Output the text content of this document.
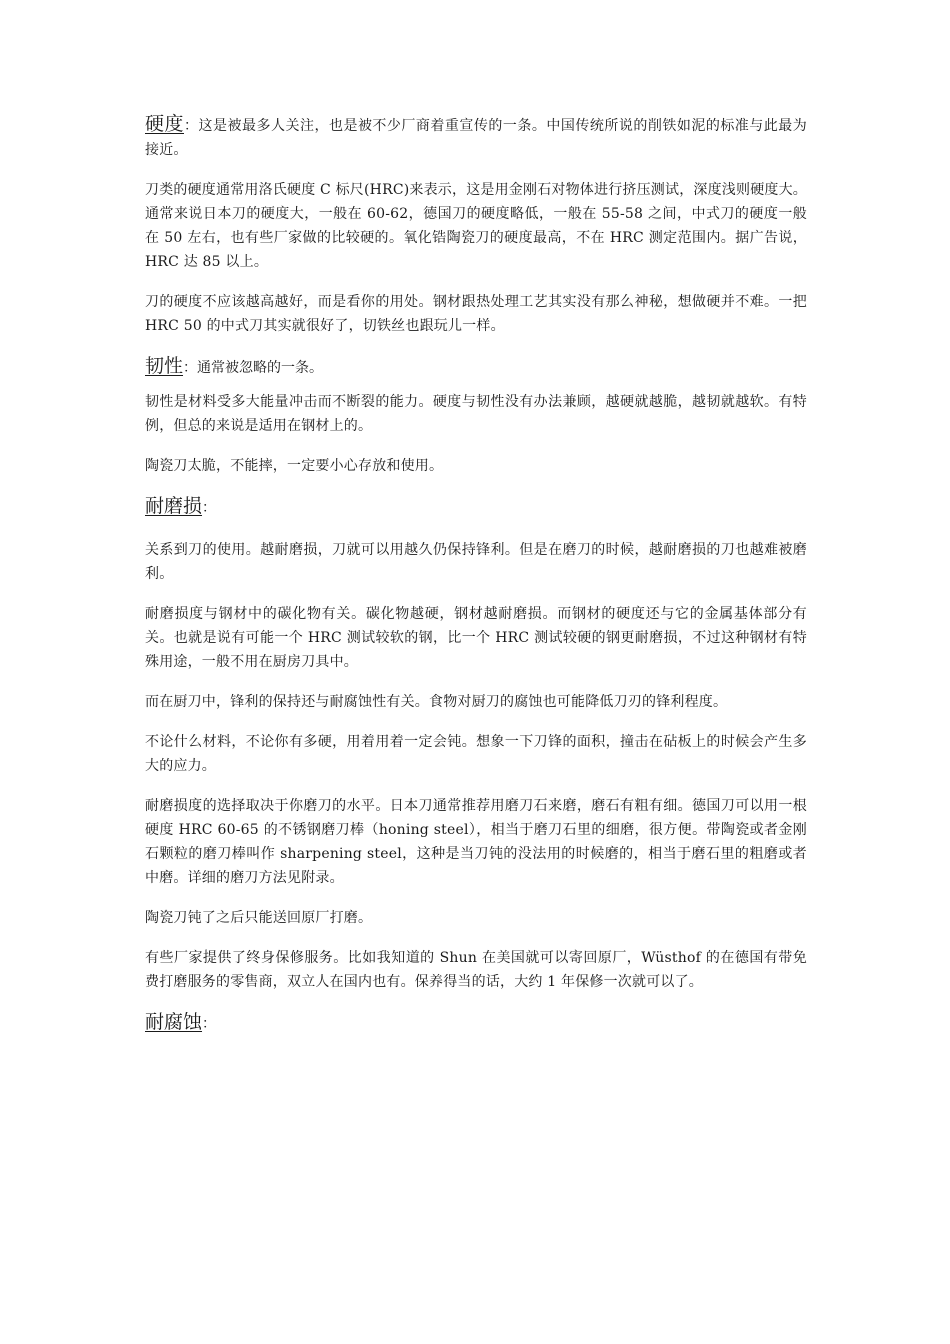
硬度：这是被最多人关注，也是被不少厂商着重宣传的一条。中国传统所说的削铁如泥的标准与此最为接近。

刀类的硬度通常用洛氏硬度 C 标尺(HRC)来表示，这是用金刚石对物体进行挤压测试，深度浅则硬度大。通常来说日本刀的硬度大，一般在 60-62，德国刀的硬度略低，一般在 55-58 之间，中式刀的硬度一般在 50 左右，也有些厂家做的比较硬的。氧化锆陶瓷刀的硬度最高，不在 HRC 测定范围内。据广告说，HRC 达 85 以上。

刀的硬度不应该越高越好，而是看你的用处。钢材跟热处理工艺其实没有那么神秘，想做硬并不难。一把 HRC 50 的中式刀其实就很好了，切铁丝也跟玩儿一样。

韧性：通常被忽略的一条。

韧性是材料受多大能量冲击而不断裂的能力。硬度与韧性没有办法兼顾，越硬就越脆，越韧就越软。有特例，但总的来说是适用在钢材上的。

陶瓷刀太脆，不能摔，一定要小心存放和使用。

耐磨损：

关系到刀的使用。越耐磨损，刀就可以用越久仍保持锋利。但是在磨刀的时候，越耐磨损的刀也越难被磨利。

耐磨损度与钢材中的碳化物有关。碳化物越硬，钢材越耐磨损。而钢材的硬度还与它的金属基体部分有关。也就是说有可能一个 HRC 测试较软的钢，比一个 HRC 测试较硬的钢更耐磨损，不过这种钢材有特殊用途，一般不用在厨房刀具中。

而在厨刀中，锋利的保持还与耐腐蚀性有关。食物对厨刀的腐蚀也可能降低刀刃的锋利程度。

不论什么材料，不论你有多硬，用着用着一定会钝。想象一下刀锋的面积，撞击在砧板上的时候会产生多大的应力。

耐磨损度的选择取决于你磨刀的水平。日本刀通常推荐用磨刀石来磨，磨石有粗有细。德国刀可以用一根硬度 HRC 60-65 的不锈钢磨刀棒（honing steel），相当于磨刀石里的细磨，很方便。带陶瓷或者金刚石颗粒的磨刀棒叫作 sharpening steel，这种是当刀钝的没法用的时候磨的，相当于磨石里的粗磨或者中磨。详细的磨刀方法见附录。

陶瓷刀钝了之后只能送回原厂打磨。

有些厂家提供了终身保修服务。比如我知道的 Shun 在美国就可以寄回原厂，Wüsthof 的在德国有带免费打磨服务的零售商，双立人在国内也有。保养得当的话，大约 1 年保修一次就可以了。

耐腐蚀：
